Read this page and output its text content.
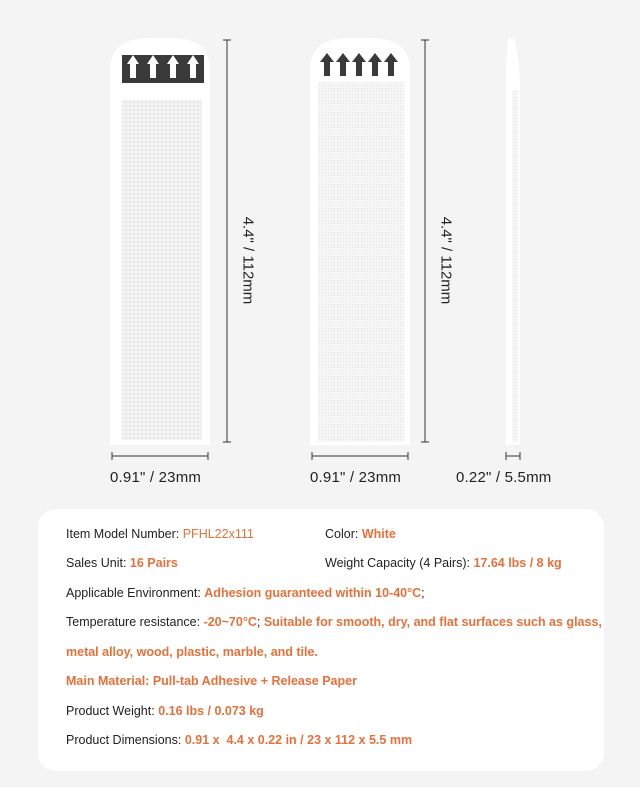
4.4" / 112mm	4.4" / 112mm
0.91" / 23mm	0.91" / 23mm	0.22" / 5.5mm
Item Model Number: PFHL22x111	Color: White
Sales Unit: 16 Pairs	Weight Capacity (4 Pairs): 17.64 lbs / 8 kg
Applicable Environment: Adhesion guaranteed within 10-40°C;
Temperature resistance: -20~70°C; Suitable for smooth, dry, and flat surfaces such as glass,
metal alloy, wood, plastic, marble, and tile.
Main Material: Pull-tab Adhesive + Release Paper
Product Weight: 0.16 lbs / 0.073 kg
Product Dimensions: 0.91 x  4.4 x 0.22 in / 23 x 112 x 5.5 mm
